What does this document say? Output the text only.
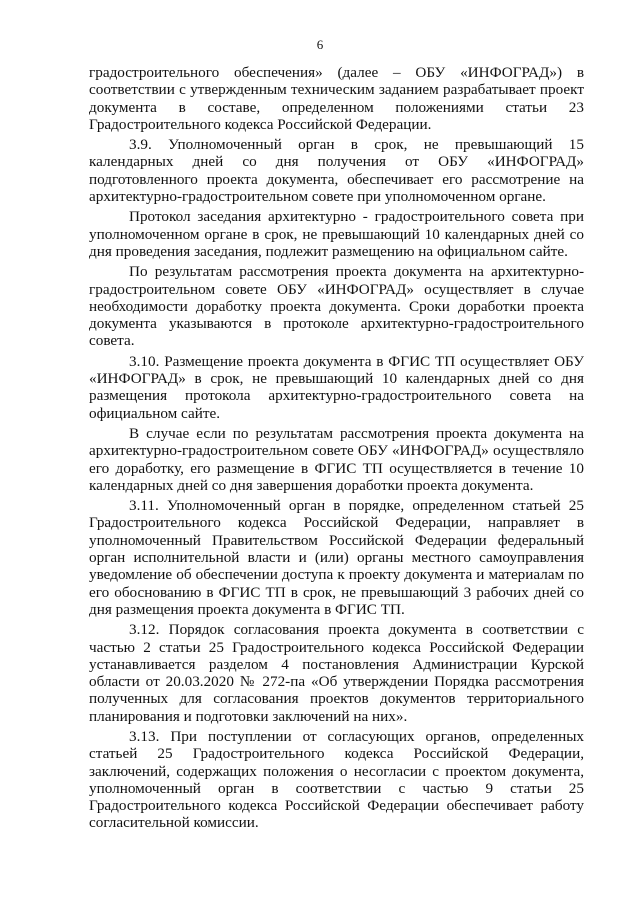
6

градостроительного обеспечения» (далее – ОБУ «ИНФОГРАД») в соответствии с утвержденным техническим заданием разрабатывает проект документа в составе, определенном положениями статьи 23 Градостроительного кодекса Российской Федерации.

3.9. Уполномоченный орган в срок, не превышающий 15 календарных дней со дня получения от ОБУ «ИНФОГРАД» подготовленного проекта документа, обеспечивает его рассмотрение на архитектурно-градостроительном совете при уполномоченном органе.

Протокол заседания архитектурно - градостроительного совета при уполномоченном органе в срок, не превышающий 10 календарных дней со дня проведения заседания, подлежит размещению на официальном сайте.

По результатам рассмотрения проекта документа на архитектурно-градостроительном совете ОБУ «ИНФОГРАД» осуществляет в случае необходимости доработку проекта документа. Сроки доработки проекта документа указываются в протоколе архитектурно-градостроительного совета.

3.10. Размещение проекта документа в ФГИС ТП осуществляет ОБУ «ИНФОГРАД» в срок, не превышающий 10 календарных дней со дня размещения протокола архитектурно-градостроительного совета на официальном сайте.

В случае если по результатам рассмотрения проекта документа на архитектурно-градостроительном совете ОБУ «ИНФОГРАД» осуществляло его доработку, его размещение в ФГИС ТП осуществляется в течение 10 календарных дней со дня завершения доработки проекта документа.

3.11. Уполномоченный орган в порядке, определенном статьей 25 Градостроительного кодекса Российской Федерации, направляет в уполномоченный Правительством Российской Федерации федеральный орган исполнительной власти и (или) органы местного самоуправления уведомление об обеспечении доступа к проекту документа и материалам по его обоснованию в ФГИС ТП в срок, не превышающий 3 рабочих дней со дня размещения проекта документа в ФГИС ТП.

3.12. Порядок согласования проекта документа в соответствии с частью 2 статьи 25 Градостроительного кодекса Российской Федерации устанавливается разделом 4 постановления Администрации Курской области от 20.03.2020 № 272-па «Об утверждении Порядка рассмотрения полученных для согласования проектов документов территориального планирования и подготовки заключений на них».

3.13. При поступлении от согласующих органов, определенных статьей 25 Градостроительного кодекса Российской Федерации, заключений, содержащих положения о несогласии с проектом документа, уполномоченный орган в соответствии с частью 9 статьи 25 Градостроительного кодекса Российской Федерации обеспечивает работу согласительной комиссии.
